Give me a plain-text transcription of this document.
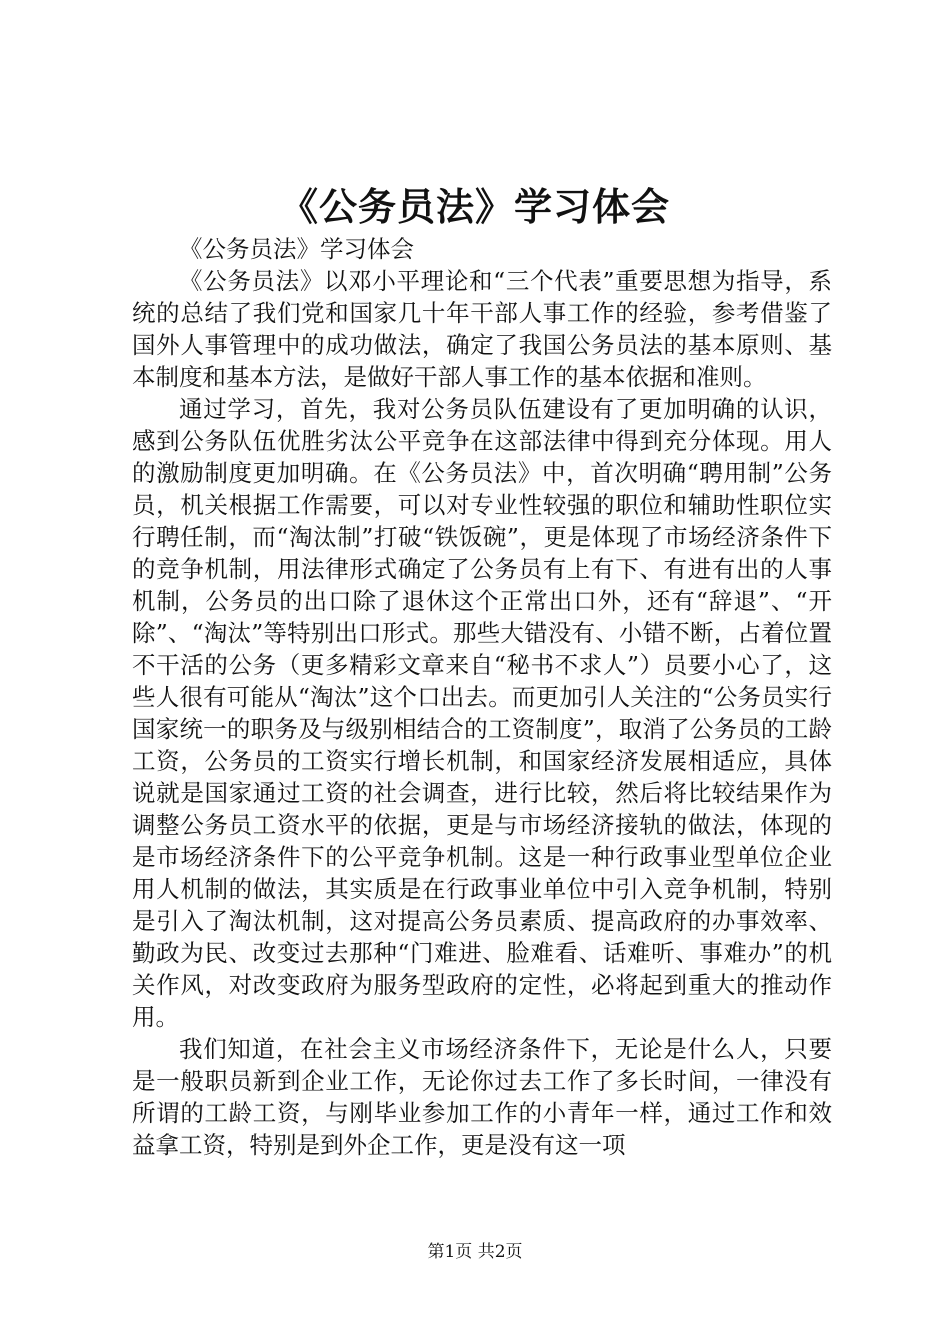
《公务员法》学习体会

《公务员法》学习体会

《公务员法》以邓小平理论和“三个代表”重要思想为指导，系统的总结了我们党和国家几十年干部人事工作的经验，参考借鉴了国外人事管理中的成功做法，确定了我国公务员法的基本原则、基本制度和基本方法，是做好干部人事工作的基本依据和准则。

通过学习，首先，我对公务员队伍建设有了更加明确的认识，感到公务队伍优胜劣汰公平竞争在这部法律中得到充分体现。用人的激励制度更加明确。在《公务员法》中，首次明确“聘用制”公务员，机关根据工作需要，可以对专业性较强的职位和辅助性职位实行聘任制，而“淘汰制”打破“铁饭碗”，更是体现了市场经济条件下的竞争机制，用法律形式确定了公务员有上有下、有进有出的人事机制，公务员的出口除了退休这个正常出口外，还有“辞退”、“开除”、“淘汰”等特别出口形式。那些大错没有、小错不断，占着位置不干活的公务（更多精彩文章来自“秘书不求人”）员要小心了，这些人很有可能从“淘汰”这个口出去。而更加引人关注的“公务员实行国家统一的职务及与级别相结合的工资制度”，取消了公务员的工龄工资，公务员的工资实行增长机制，和国家经济发展相适应，具体说就是国家通过工资的社会调查，进行比较，然后将比较结果作为调整公务员工资水平的依据，更是与市场经济接轨的做法，体现的是市场经济条件下的公平竞争机制。这是一种行政事业型单位企业用人机制的做法，其实质是在行政事业单位中引入竞争机制，特别是引入了淘汰机制，这对提高公务员素质、提高政府的办事效率、勤政为民、改变过去那种“门难进、脸难看、话难听、事难办”的机关作风，对改变政府为服务型政府的定性，必将起到重大的推动作用。

我们知道，在社会主义市场经济条件下，无论是什么人，只要是一般职员新到企业工作，无论你过去工作了多长时间，一律没有所谓的工龄工资，与刚毕业参加工作的小青年一样，通过工作和效益拿工资，特别是到外企工作，更是没有这一项

第1页 共2页
